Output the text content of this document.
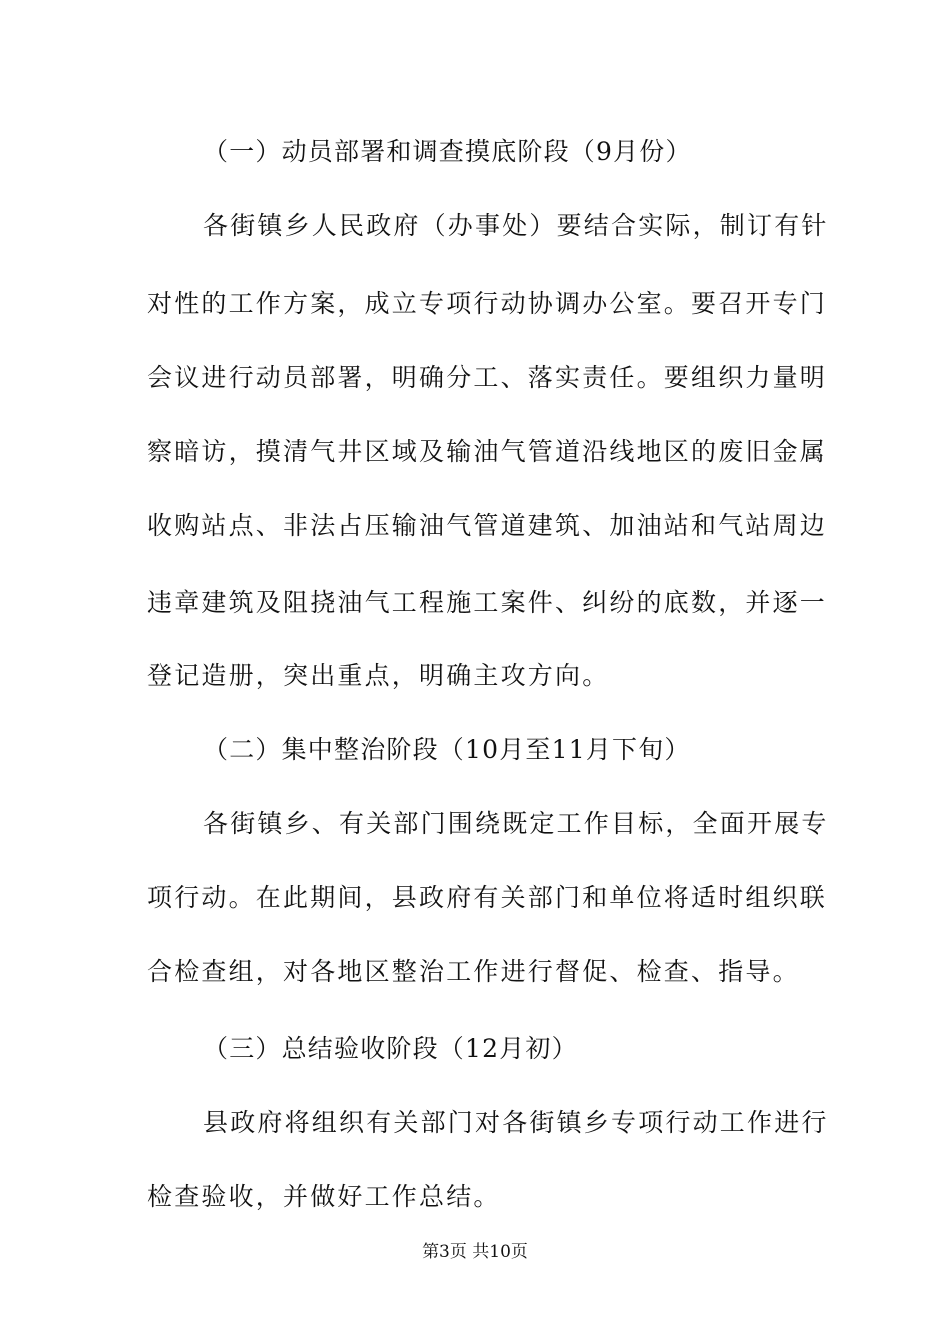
（一）动员部署和调查摸底阶段（9月份）
各街镇乡人民政府（办事处）要结合实际，制订有针
对性的工作方案，成立专项行动协调办公室。要召开专门
会议进行动员部署，明确分工、落实责任。要组织力量明
察暗访，摸清气井区域及输油气管道沿线地区的废旧金属
收购站点、非法占压输油气管道建筑、加油站和气站周边
违章建筑及阻挠油气工程施工案件、纠纷的底数，并逐一
登记造册，突出重点，明确主攻方向。
（二）集中整治阶段（10月至11月下旬）
各街镇乡、有关部门围绕既定工作目标，全面开展专
项行动。在此期间，县政府有关部门和单位将适时组织联
合检查组，对各地区整治工作进行督促、检查、指导。
（三）总结验收阶段（12月初）
县政府将组织有关部门对各街镇乡专项行动工作进行
检查验收，并做好工作总结。
第3页 共10页
